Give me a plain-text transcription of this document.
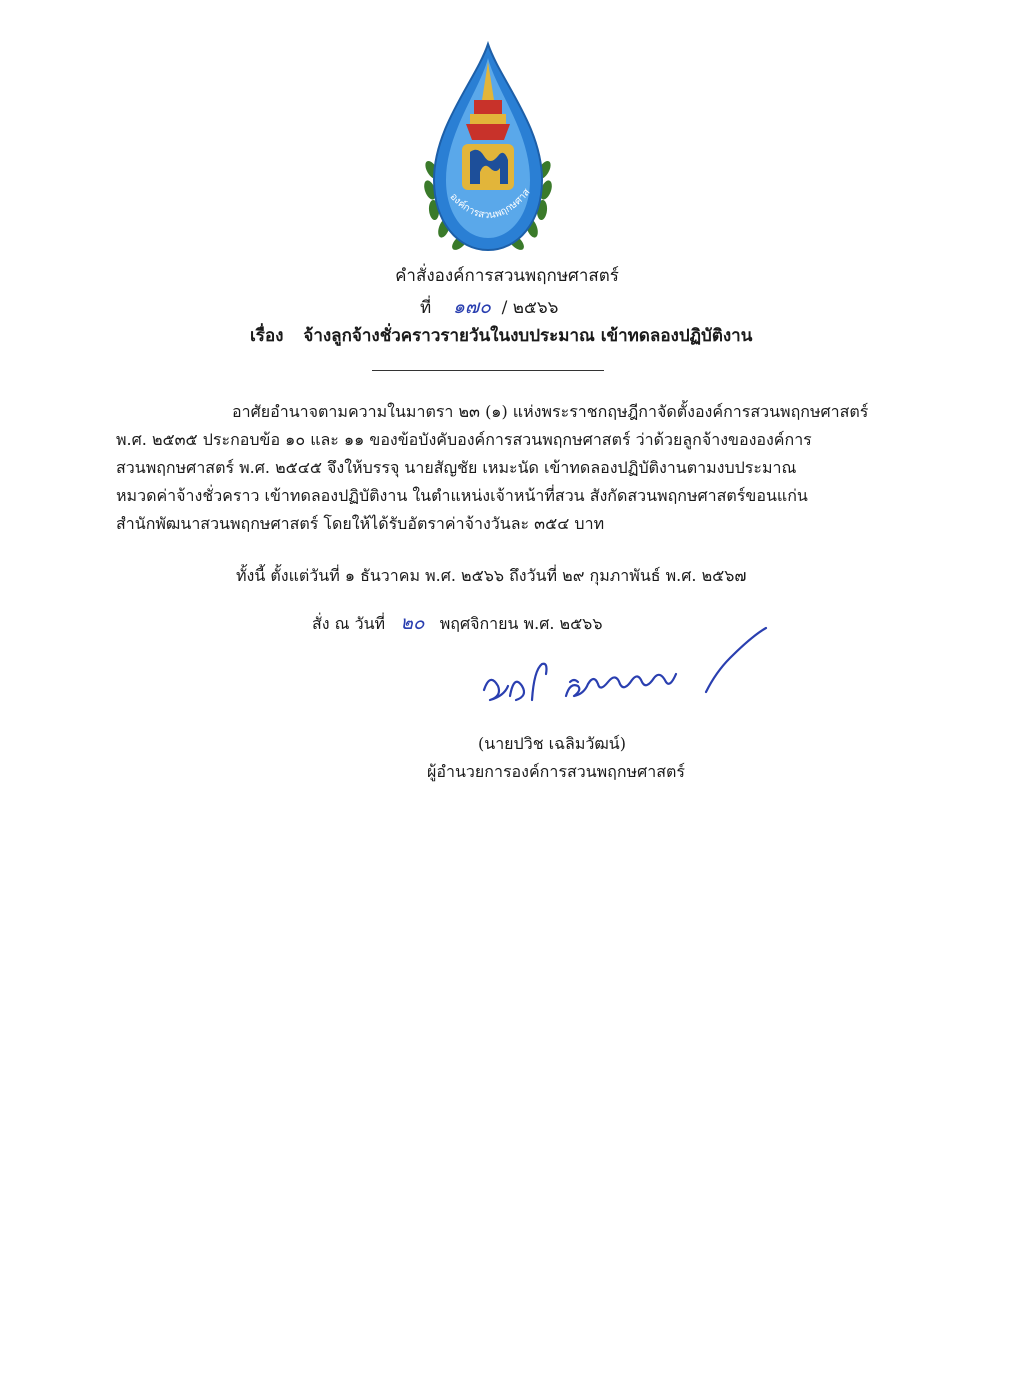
องค์การสวนพฤกษศาส
คำสั่งองค์การสวนพฤกษศาสตร์
ที่ ๑๗๐ / ๒๕๖๖
เรื่อง จ้างลูกจ้างชั่วคราวรายวันในงบประมาณ เข้าทดลองปฏิบัติงาน
อาศัยอำนาจตามความในมาตรา ๒๓ (๑) แห่งพระราชกฤษฎีกาจัดตั้งองค์การสวนพฤกษศาสตร์
พ.ศ. ๒๕๓๕ ประกอบข้อ ๑๐ และ ๑๑ ของข้อบังคับองค์การสวนพฤกษศาสตร์ ว่าด้วยลูกจ้างขององค์การ
สวนพฤกษศาสตร์ พ.ศ. ๒๕๔๕ จึงให้บรรจุ นายสัญชัย เหมะนัด เข้าทดลองปฏิบัติงานตามงบประมาณ
หมวดค่าจ้างชั่วคราว เข้าทดลองปฏิบัติงาน ในตำแหน่งเจ้าหน้าที่สวน สังกัดสวนพฤกษศาสตร์ขอนแก่น
สำนักพัฒนาสวนพฤกษศาสตร์ โดยให้ได้รับอัตราค่าจ้างวันละ ๓๕๔ บาท
ทั้งนี้ ตั้งแต่วันที่ ๑ ธันวาคม พ.ศ. ๒๕๖๖ ถึงวันที่ ๒๙ กุมภาพันธ์ พ.ศ. ๒๕๖๗
สั่ง ณ วันที่ ๒๐ พฤศจิกายน พ.ศ. ๒๕๖๖
(นายปวิช เฉลิมวัฒน์)
ผู้อำนวยการองค์การสวนพฤกษศาสตร์
